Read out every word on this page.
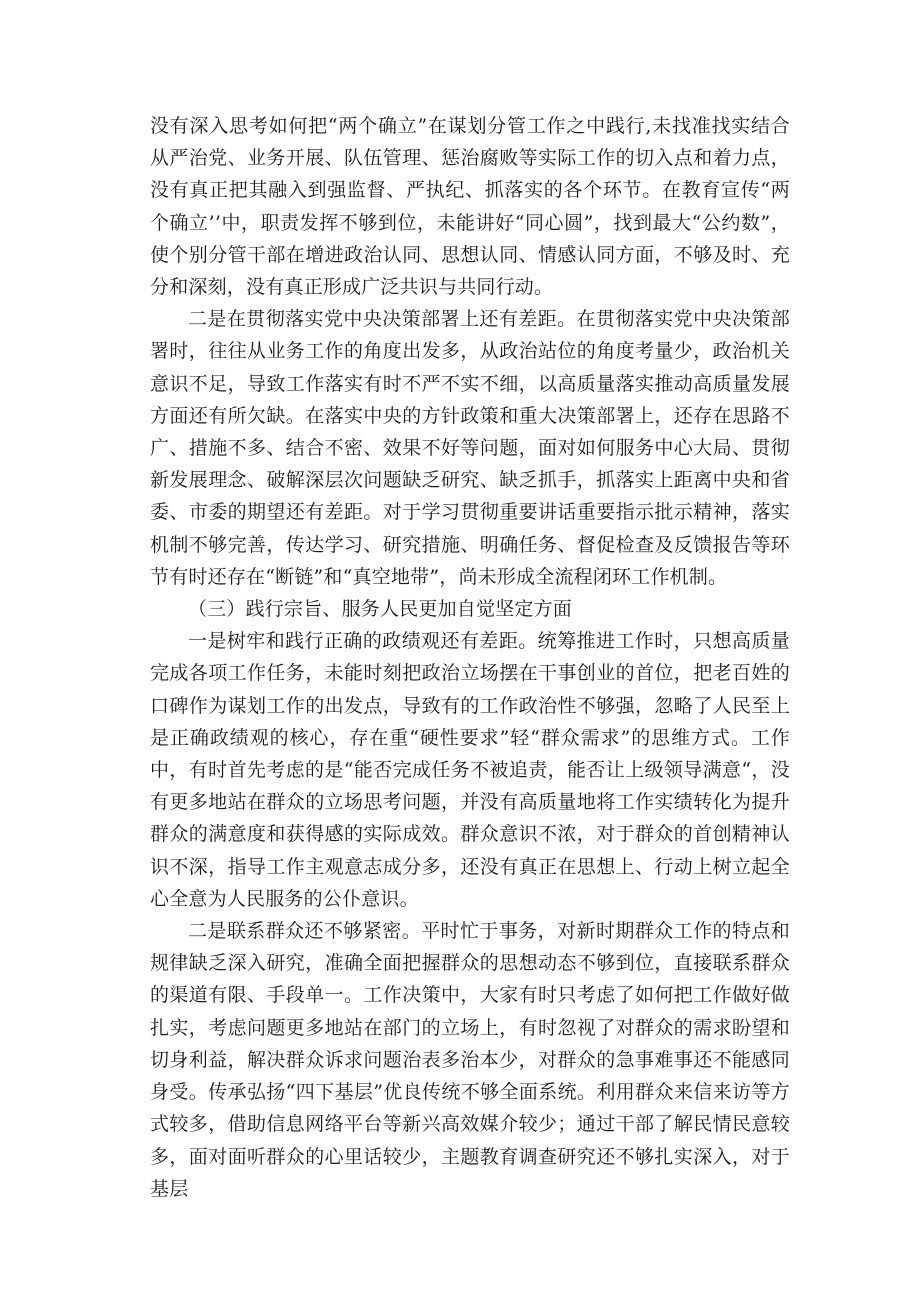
没有深入思考如何把“两个确立”在谋划分管工作之中践行,未找准找实结合从严治党、业务开展、队伍管理、惩治腐败等实际工作的切入点和着力点，没有真正把其融入到强监督、严执纪、抓落实的各个环节。在教育宣传“两个确立’’中，职责发挥不够到位，未能讲好“同心圆”，找到最大“公约数”，使个别分管干部在增进政治认同、思想认同、情感认同方面，不够及时、充分和深刻，没有真正形成广泛共识与共同行动。

二是在贯彻落实党中央决策部署上还有差距。在贯彻落实党中央决策部署时，往往从业务工作的角度出发多，从政治站位的角度考量少，政治机关意识不足，导致工作落实有时不严不实不细，以高质量落实推动高质量发展方面还有所欠缺。在落实中央的方针政策和重大决策部署上，还存在思路不广、措施不多、结合不密、效果不好等问题，面对如何服务中心大局、贯彻新发展理念、破解深层次问题缺乏研究、缺乏抓手，抓落实上距离中央和省委、市委的期望还有差距。对于学习贯彻重要讲话重要指示批示精神，落实机制不够完善，传达学习、研究措施、明确任务、督促检查及反馈报告等环节有时还存在“断链”和“真空地带”，尚未形成全流程闭环工作机制。

（三）践行宗旨、服务人民更加自觉坚定方面

一是树牢和践行正确的政绩观还有差距。统筹推进工作时，只想高质量完成各项工作任务，未能时刻把政治立场摆在干事创业的首位，把老百姓的口碑作为谋划工作的出发点，导致有的工作政治性不够强，忽略了人民至上是正确政绩观的核心，存在重“硬性要求”轻“群众需求”的思维方式。工作中，有时首先考虑的是“能否完成任务不被追责，能否让上级领导满意“，没有更多地站在群众的立场思考问题，并没有高质量地将工作实绩转化为提升群众的满意度和获得感的实际成效。群众意识不浓，对于群众的首创精神认识不深，指导工作主观意志成分多，还没有真正在思想上、行动上树立起全心全意为人民服务的公仆意识。

二是联系群众还不够紧密。平时忙于事务，对新时期群众工作的特点和规律缺乏深入研究，准确全面把握群众的思想动态不够到位，直接联系群众的渠道有限、手段单一。工作决策中，大家有时只考虑了如何把工作做好做扎实，考虑问题更多地站在部门的立场上，有时忽视了对群众的需求盼望和切身利益，解决群众诉求问题治表多治本少，对群众的急事难事还不能感同身受。传承弘扬“四下基层”优良传统不够全面系统。利用群众来信来访等方式较多，借助信息网络平台等新兴高效媒介较少；通过干部了解民情民意较多，面对面听群众的心里话较少，主题教育调查研究还不够扎实深入，对于基层
